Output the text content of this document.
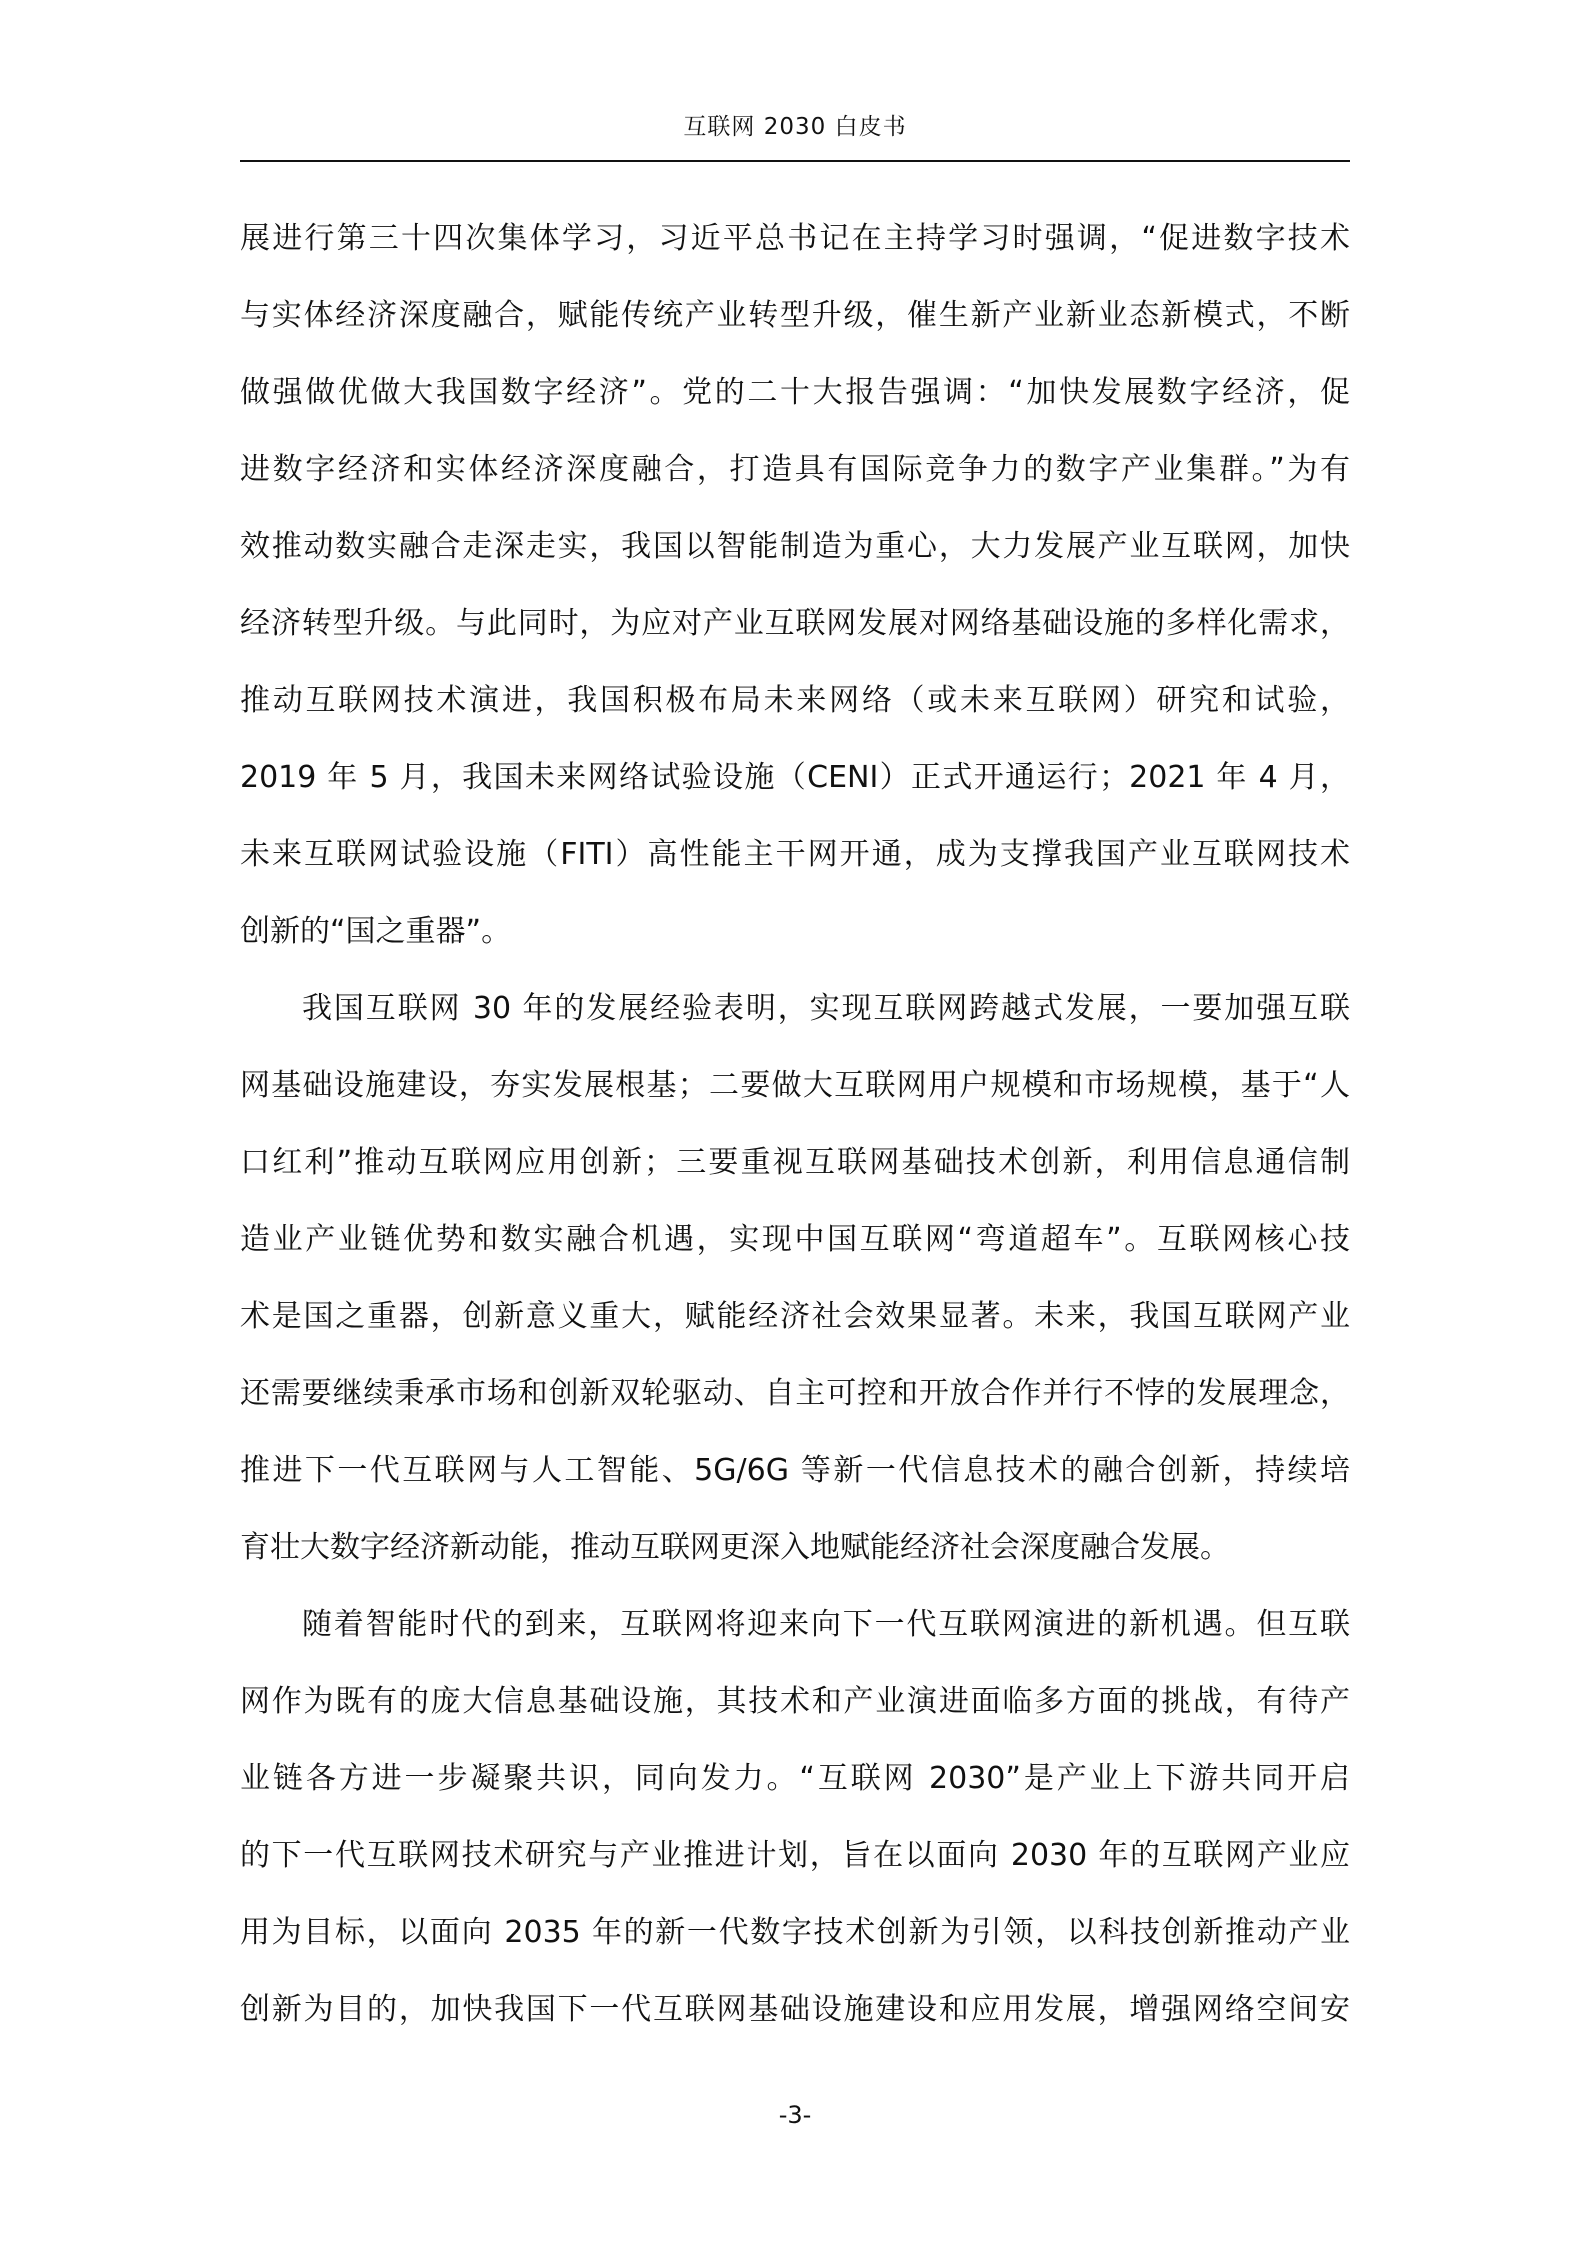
互联网 2030 白皮书
展进行第三十四次集体学习，习近平总书记在主持学习时强调，“促进数字技术
与实体经济深度融合，赋能传统产业转型升级，催生新产业新业态新模式，不断
做强做优做大我国数字经济”。党的二十大报告强调：“加快发展数字经济，促
进数字经济和实体经济深度融合，打造具有国际竞争力的数字产业集群。”为有
效推动数实融合走深走实，我国以智能制造为重心，大力发展产业互联网，加快
经济转型升级。与此同时，为应对产业互联网发展对网络基础设施的多样化需求，
推动互联网技术演进，我国积极布局未来网络（或未来互联网）研究和试验，
2019 年 5 月，我国未来网络试验设施（CENI）正式开通运行；2021 年 4 月，
未来互联网试验设施（FITI）高性能主干网开通，成为支撑我国产业互联网技术
创新的“国之重器”。
我国互联网 30 年的发展经验表明，实现互联网跨越式发展，一要加强互联
网基础设施建设，夯实发展根基；二要做大互联网用户规模和市场规模，基于“人
口红利”推动互联网应用创新；三要重视互联网基础技术创新，利用信息通信制
造业产业链优势和数实融合机遇，实现中国互联网“弯道超车”。互联网核心技
术是国之重器，创新意义重大，赋能经济社会效果显著。未来，我国互联网产业
还需要继续秉承市场和创新双轮驱动、自主可控和开放合作并行不悖的发展理念，
推进下一代互联网与人工智能、5G/6G 等新一代信息技术的融合创新，持续培
育壮大数字经济新动能，推动互联网更深入地赋能经济社会深度融合发展。
随着智能时代的到来，互联网将迎来向下一代互联网演进的新机遇。但互联
网作为既有的庞大信息基础设施，其技术和产业演进面临多方面的挑战，有待产
业链各方进一步凝聚共识，同向发力。“互联网 2030”是产业上下游共同开启
的下一代互联网技术研究与产业推进计划，旨在以面向 2030 年的互联网产业应
用为目标，以面向 2035 年的新一代数字技术创新为引领，以科技创新推动产业
创新为目的，加快我国下一代互联网基础设施建设和应用发展，增强网络空间安
-3-
